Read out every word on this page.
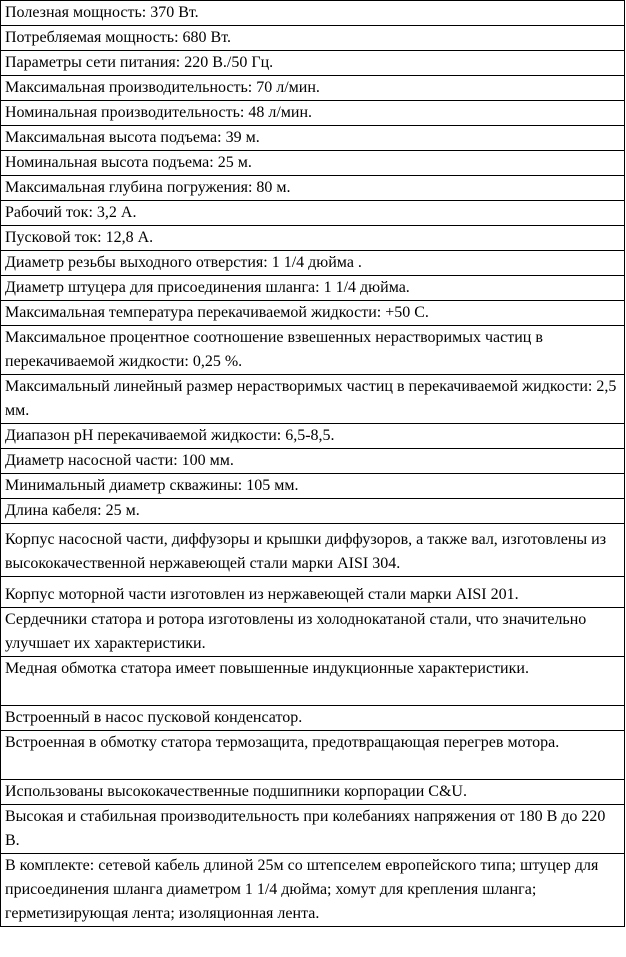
Полезная мощность: 370 Вт.
Потребляемая мощность: 680 Вт.
Параметры сети питания: 220 В./50 Гц.
Максимальная производительность: 70 л/мин.
Номинальная производительность: 48 л/мин.
Максимальная высота подъема: 39 м.
Номинальная высота подъема: 25 м.
Максимальная глубина погружения: 80 м.
Рабочий ток: 3,2 А.
Пусковой ток: 12,8 А.
Диаметр резьбы выходного отверстия: 1 1/4 дюйма .
Диаметр штуцера для присоединения шланга: 1 1/4 дюйма.
Максимальная температура перекачиваемой жидкости: +50 С.
Максимальное процентное соотношение взвешенных нерастворимых частиц в перекачиваемой жидкости: 0,25 %.
Максимальный линейный размер нерастворимых частиц в перекачиваемой жидкости: 2,5 мм.
Диапазон pH перекачиваемой жидкости: 6,5-8,5.
Диаметр насосной части: 100 мм.
Минимальный диаметр скважины: 105 мм.
Длина кабеля: 25 м.
Корпус насосной части, диффузоры и крышки диффузоров, а также вал, изготовлены из высококачественной нержавеющей стали марки AISI 304.
Корпус моторной части изготовлен из нержавеющей стали марки AISI 201.
Сердечники статора и ротора изготовлены из холоднокатаной стали, что значительно улучшает их характеристики.
Медная обмотка статора имеет повышенные индукционные характеристики.
Встроенный в насос пусковой конденсатор.
Встроенная в обмотку статора термозащита, предотвращающая перегрев мотора.
Использованы высококачественные подшипники корпорации C&U.
Высокая и стабильная производительность при колебаниях напряжения от 180 В до 220 В.
В комплекте: сетевой кабель длиной 25м со штепселем европейского типа; штуцер для присоединения шланга диаметром 1 1/4 дюйма; хомут для крепления шланга; герметизирующая лента; изоляционная лента.
